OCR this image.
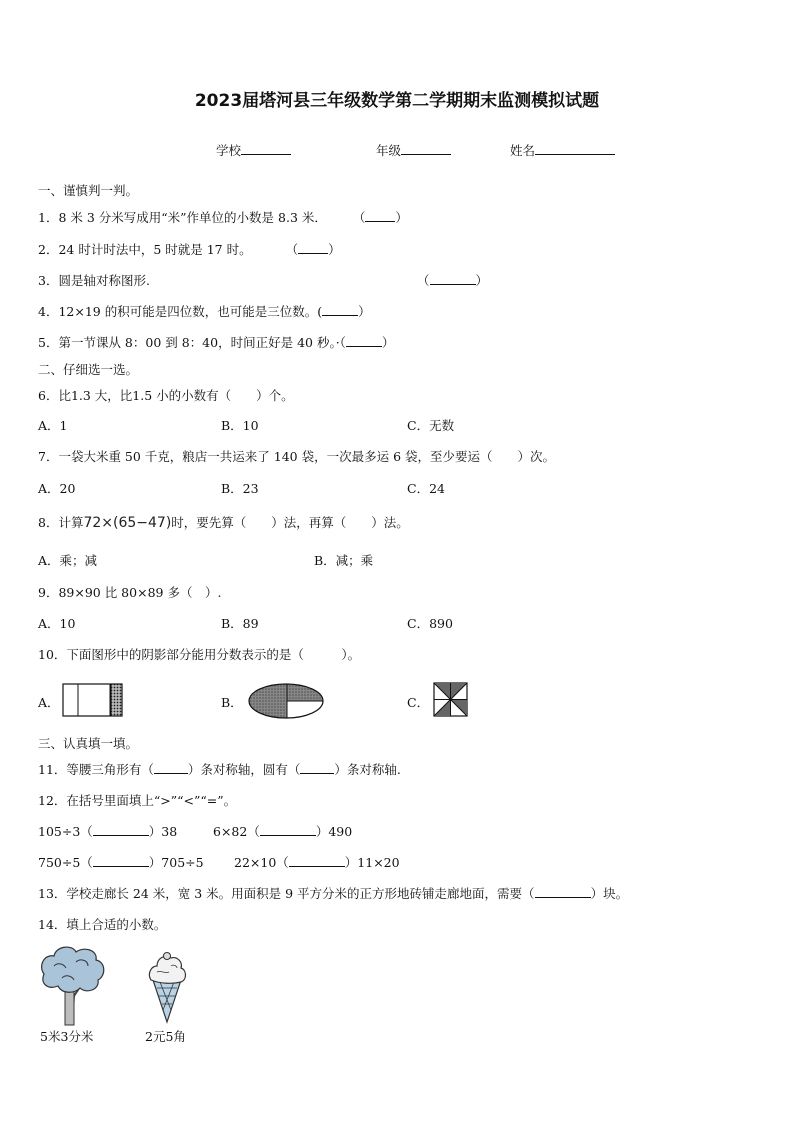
2023届塔河县三年级数学第二学期期末监测模拟试题
学校	年级	姓名
一、谨慎判一判。
1．8 米 3 分米写成用“米”作单位的小数是 8.3 米． （ ）
2．24 时计时法中，5 时就是 17 时。	（ ）
3．圆是轴对称图形.	（	）
4．12×19 的积可能是四位数，也可能是三位数。(	）
5．第一节课从 8：00 到 8：40，时间正好是 40 秒。·（	）
二、仔细选一选。
6．比1.3 大，比1.5 小的小数有（　　）个。
A．1	B．10	C．无数
7．一袋大米重 50 千克，粮店一共运来了 140 袋，一次最多运 6 袋，至少要运（　　）次。
A．20	B．23	C．24
8．计算72×(65−47)时，要先算（　　）法，再算（　　）法。
A．乘；减	B．减；乘
9．89×90 比 80×89 多（　）.
A．10	B．89	C．890
10．下面图形中的阴影部分能用分数表示的是（　　　）。
A．	B．	C．
三、认真填一填。
11．等腰三角形有（	）条对称轴，圆有（	）条对称轴.
12．在括号里面填上“>”“<”“=”。
105÷3（	）38	6×82（	）490
750÷5（	）705÷5 22×10（	）11×20
13．学校走廊长 24 米，宽 3 米。用面积是 9 平方分米的正方形地砖铺走廊地面，需要（	）块。
14．填上合适的小数。
5米3分米	2元5角
